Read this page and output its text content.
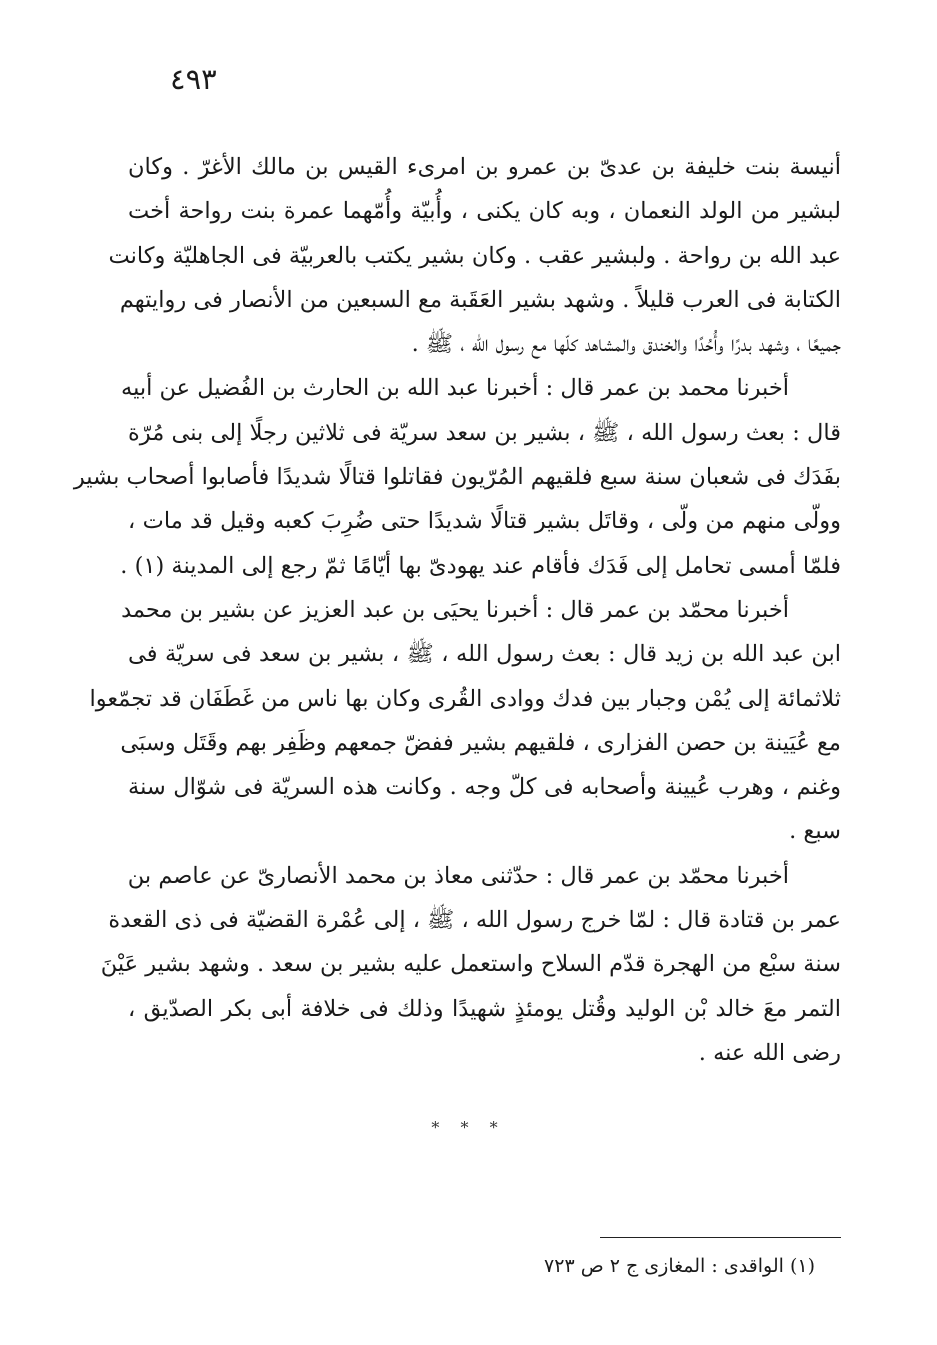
٤٩٣
أنيسة بنت خليفة بن عدىّ بن عمرو بن امرىء القيس بن مالك الأغرّ . وكان
لبشير من الولد النعمان ، وبه كان يكنى ، وأُبيّة وأُمّهما عمرة بنت رواحة أخت
عبد الله بن رواحة . ولبشير عقب . وكان بشير يكتب بالعربيّة فى الجاهليّة وكانت
الكتابة فى العرب قليلاً . وشهد بشير العَقَبة مع السبعين من الأنصار فى روايتهم
جميعًا ، وشهد بدرًا وأُحُدًا والخندق والمشاهد كلّها مع رسول الله ، ﷺ .
أخبرنا محمد بن عمر قال : أخبرنا عبد الله بن الحارث بن الفُضيل عن أبيه
قال : بعث رسول الله ، ﷺ ، بشير بن سعد سريّة فى ثلاثين رجلًا إلى بنى مُرّة
بفَدَك فى شعبان سنة سبع فلقيهم المُرّيون فقاتلوا قتالًا شديدًا فأصابوا أصحاب بشير
وولّى منهم من ولّى ، وقاتَل بشير قتالًا شديدًا حتى ضُرِبَ كعبه وقيل قد مات ،
فلمّا أمسى تحامل إلى فَدَك فأقام عند يهودىّ بها أيّامًا ثمّ رجع إلى المدينة (١) .
أخبرنا محمّد بن عمر قال : أخبرنا يحيَى بن عبد العزيز عن بشير بن محمد
ابن عبد الله بن زيد قال : بعث رسول الله ، ﷺ ، بشير بن سعد فى سريّة فى
ثلاثمائة إلى يُمْن وجبار بين فدك ووادى القُرى وكان بها ناس من غَطَفَان قد تجمّعوا
مع عُيَينة بن حصن الفزارى ، فلقيهم بشير ففضّ جمعهم وظَفِر بهم وقَتَل وسبَى
وغنم ، وهرب عُيينة وأصحابه فى كلّ وجه . وكانت هذه السريّة فى شوّال سنة
سبع .
أخبرنا محمّد بن عمر قال : حدّثنى معاذ بن محمد الأنصارىّ عن عاصم بن
عمر بن قتادة قال : لمّا خرج رسول الله ، ﷺ ، إلى عُمْرة القضيّة فى ذى القعدة
سنة سبْع من الهجرة قدّم السلاح واستعمل عليه بشير بن سعد . وشهد بشير عَيْنَ
التمر معَ خالد بْن الوليد وقُتل يومئذٍ شهيدًا وذلك فى خلافة أبى بكر الصدّيق ،
رضى الله عنه .
* * *
(١) الواقدى : المغازى ج ٢ ص ٧٢٣
